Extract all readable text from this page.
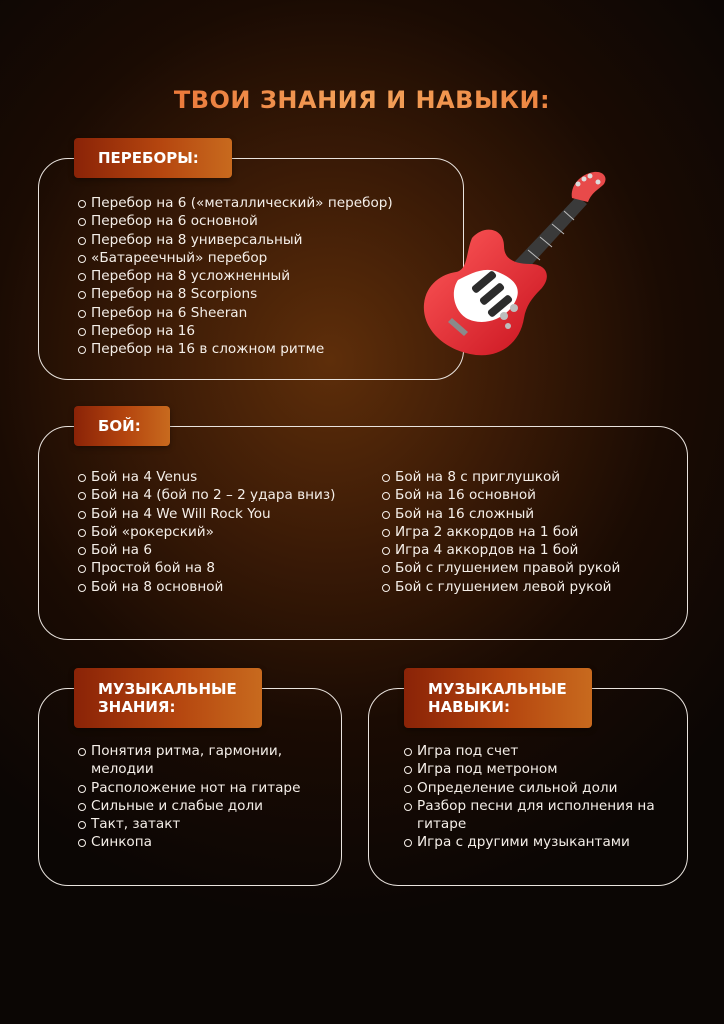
ТВОИ ЗНАНИЯ И НАВЫКИ:
ПЕРЕБОРЫ:
Перебор на 6 («металлический» перебор)
Перебор на 6 основной
Перебор на 8 универсальный
«Батареечный» перебор
Перебор на 8 усложненный
Перебор на 8 Scorpions
Перебор на 6 Sheeran
Перебор на 16
Перебор на 16 в сложном ритме
БОЙ:
Бой на 4 Venus
Бой на 4 (бой по 2 – 2 удара вниз)
Бой на 4 We Will Rock You
Бой «рокерский»
Бой на 6
Простой бой на 8
Бой на 8 основной
Бой на 8 с приглушкой
Бой на 16 основной
Бой на 16 сложный
Игра 2 аккордов на 1 бой
Игра 4 аккордов на 1 бой
Бой с глушением правой рукой
Бой с глушением левой рукой
МУЗЫКАЛЬНЫЕ
ЗНАНИЯ:
Понятия ритма, гармонии, мелодии
Расположение нот на гитаре
Сильные и слабые доли
Такт, затакт
Синкопа
МУЗЫКАЛЬНЫЕ
НАВЫКИ:
Игра под счет
Игра под метроном
Определение сильной доли
Разбор песни для исполнения на гитаре
Игра с другими музыкантами
